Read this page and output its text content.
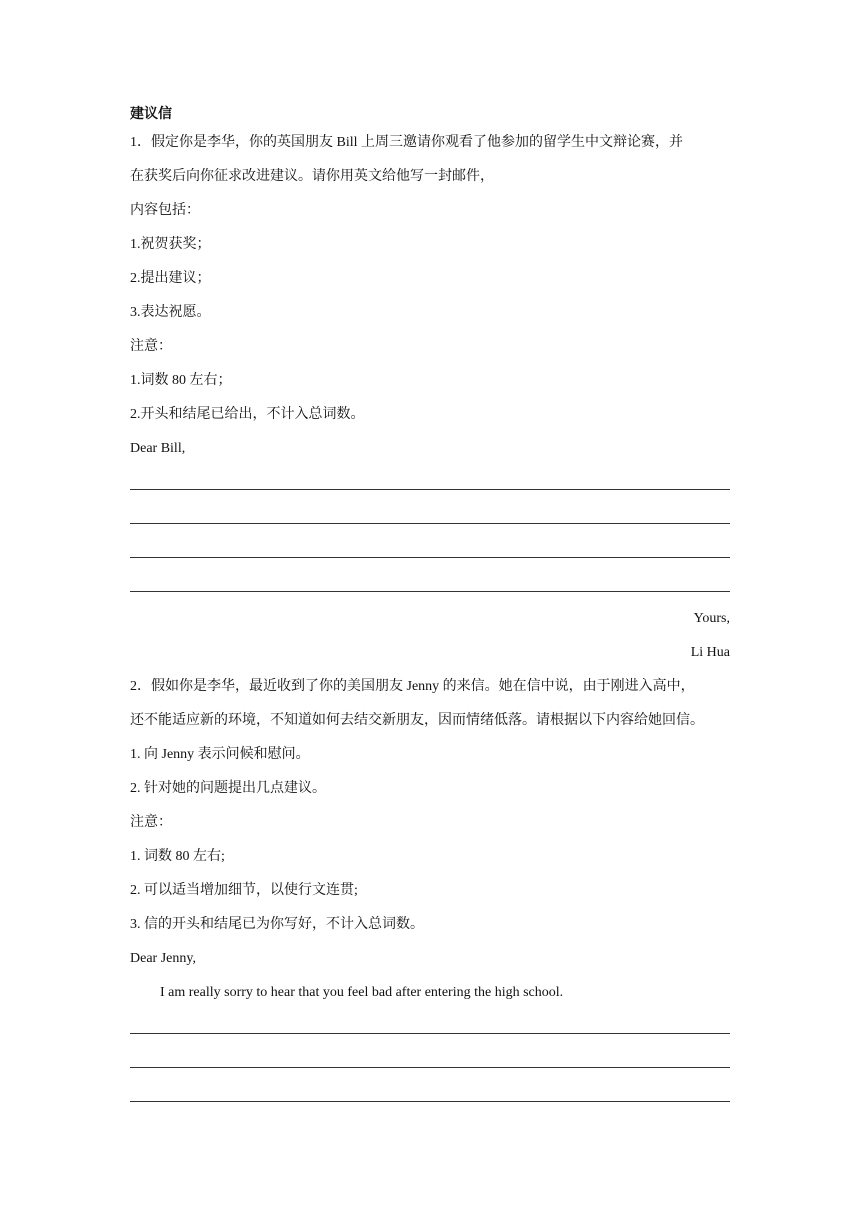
建议信
1．假定你是李华，你的英国朋友 Bill 上周三邀请你观看了他参加的留学生中文辩论赛，并
在获奖后向你征求改进建议。请你用英文给他写一封邮件，
内容包括：
1.祝贺获奖；
2.提出建议；
3.表达祝愿。
注意：
1.词数 80 左右；
2.开头和结尾已给出，不计入总词数。
Dear Bill,
Yours,
Li Hua
2．假如你是李华，最近收到了你的美国朋友 Jenny 的来信。她在信中说，由于刚进入高中，
还不能适应新的环境，不知道如何去结交新朋友，因而情绪低落。请根据以下内容给她回信。
1. 向 Jenny 表示问候和慰问。
2. 针对她的问题提出几点建议。
注意：
1. 词数 80 左右;
2. 可以适当增加细节，以使行文连贯;
3. 信的开头和结尾已为你写好，不计入总词数。
Dear Jenny,
I am really sorry to hear that you feel bad after entering the high school.
